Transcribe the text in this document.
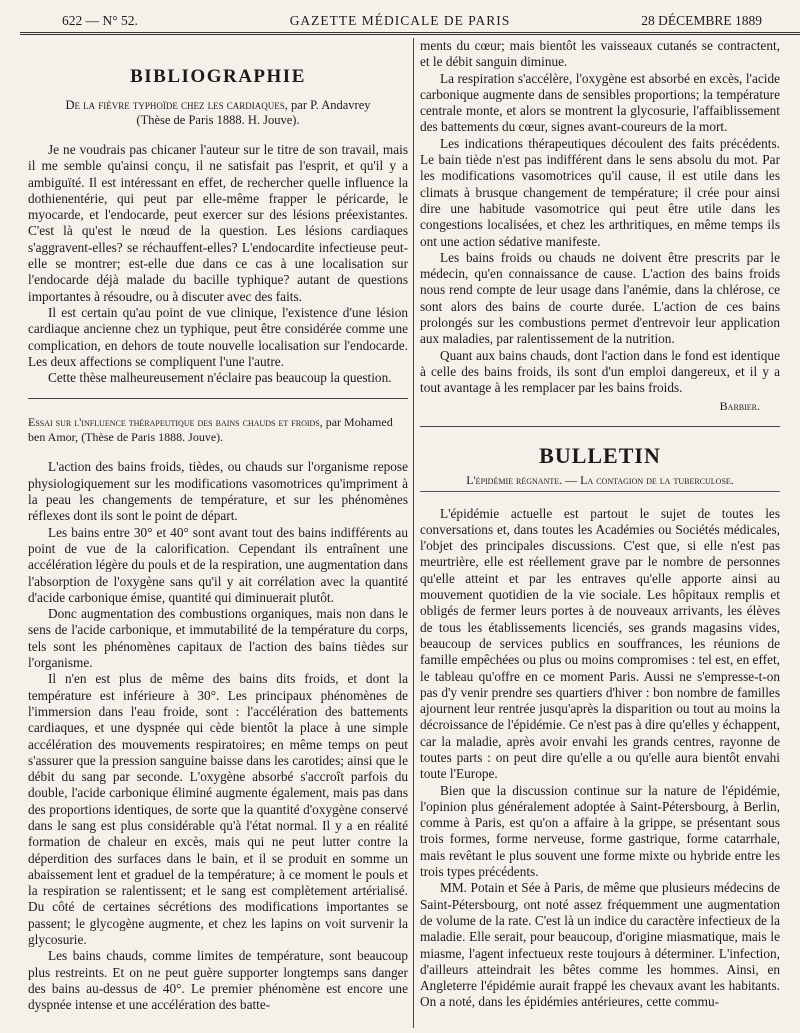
622 — N° 52.	GAZETTE MÉDICALE DE PARIS	28 DÉCEMBRE 1889
BIBLIOGRAPHIE
De la fièvre typhoïde chez les cardiaques, par P. Andavrey
(Thèse de Paris 1888. H. Jouve).

Je ne voudrais pas chicaner l'auteur sur le titre de son travail, mais il me semble qu'ainsi conçu, il ne satisfait pas l'esprit, et qu'il y a ambiguïté. Il est intéressant en effet, de rechercher quelle influence la dothienentérie, qui peut par elle-même frapper le péricarde, le myocarde, et l'endocarde, peut exercer sur des lésions préexistantes. C'est là qu'est le nœud de la question. Les lésions cardiaques s'aggravent-elles? se réchauffent-elles? L'endocardite infectieuse peut-elle se montrer; est-elle due dans ce cas à une localisation sur l'endocarde déjà malade du bacille typhique? autant de questions importantes à résoudre, ou à discuter avec des faits.

Il est certain qu'au point de vue clinique, l'existence d'une lésion cardiaque ancienne chez un typhique, peut être considérée comme une complication, en dehors de toute nouvelle localisation sur l'endocarde. Les deux affections se compliquent l'une l'autre.

Cette thèse malheureusement n'éclaire pas beaucoup la question.

Essai sur l'influence thérapeutique des bains chauds et froids, par Mohamed ben Amor, (Thèse de Paris 1888. Jouve).

L'action des bains froids, tièdes, ou chauds sur l'organisme repose physiologiquement sur les modifications vasomotrices qu'impriment à la peau les changements de température, et sur les phénomènes réflexes dont ils sont le point de départ.

Les bains entre 30° et 40° sont avant tout des bains indifférents au point de vue de la calorification. Cependant ils entraînent une accélération légère du pouls et de la respiration, une augmentation dans l'absorption de l'oxygène sans qu'il y ait corrélation avec la quantité d'acide carbonique émise, quantité qui diminuerait plutôt.

Donc augmentation des combustions organiques, mais non dans le sens de l'acide carbonique, et immutabilité de la température du corps, tels sont les phénomènes capitaux de l'action des bains tièdes sur l'organisme.

Il n'en est plus de même des bains dits froids, et dont la température est inférieure à 30°. Les principaux phénomènes de l'immersion dans l'eau froide, sont : l'accélération des battements cardiaques, et une dyspnée qui cède bientôt la place à une simple accélération des mouvements respiratoires; en même temps on peut s'assurer que la pression sanguine baisse dans les carotides; ainsi que le débit du sang par seconde. L'oxygène absorbé s'accroît parfois du double, l'acide carbonique éliminé augmente également, mais pas dans des proportions identiques, de sorte que la quantité d'oxygène conservé dans le sang est plus considérable qu'à l'état normal. Il y a en réalité formation de chaleur en excès, mais qui ne peut lutter contre la déperdition des surfaces dans le bain, et il se produit en somme un abaissement lent et graduel de la température; à ce moment le pouls et la respiration se ralentissent; et le sang est complètement artérialisé. Du côté de certaines sécrétions des modifications importantes se passent; le glycogène augmente, et chez les lapins on voit survenir la glycosurie.

Les bains chauds, comme limites de température, sont beaucoup plus restreints. Et on ne peut guère supporter longtemps sans danger des bains au-dessus de 40°. Le premier phénomène est encore une dyspnée intense et une accélération des batte-

ments du cœur; mais bientôt les vaisseaux cutanés se contractent, et le débit sanguin diminue.

La respiration s'accélère, l'oxygène est absorbé en excès, l'acide carbonique augmente dans de sensibles proportions; la température centrale monte, et alors se montrent la glycosurie, l'affaiblissement des battements du cœur, signes avant-coureurs de la mort.

Les indications thérapeutiques découlent des faits précédents. Le bain tiède n'est pas indifférent dans le sens absolu du mot. Par les modifications vasomotrices qu'il cause, il est utile dans les climats à brusque changement de température; il crée pour ainsi dire une habitude vasomotrice qui peut être utile dans les congestions localisées, et chez les arthritiques, en même temps ils ont une action sédative manifeste.

Les bains froids ou chauds ne doivent être prescrits par le médecin, qu'en connaissance de cause. L'action des bains froids nous rend compte de leur usage dans l'anémie, dans la chlérose, ce sont alors des bains de courte durée. L'action de ces bains prolongés sur les combustions permet d'entrevoir leur application aux maladies, par ralentissement de la nutrition.

Quant aux bains chauds, dont l'action dans le fond est identique à celle des bains froids, ils sont d'un emploi dangereux, et il y a tout avantage à les remplacer par les bains froids.

Barbier.
BULLETIN
L'épidémie régnante. — La contagion de la tuberculose.

L'épidémie actuelle est partout le sujet de toutes les conversations et, dans toutes les Académies ou Sociétés médicales, l'objet des principales discussions. C'est que, si elle n'est pas meurtrière, elle est réellement grave par le nombre de personnes qu'elle atteint et par les entraves qu'elle apporte ainsi au mouvement quotidien de la vie sociale. Les hôpitaux remplis et obligés de fermer leurs portes à de nouveaux arrivants, les élèves de tous les établissements licenciés, ses grands magasins vides, beaucoup de services publics en souffrances, les réunions de famille empêchées ou plus ou moins compromises : tel est, en effet, le tableau qu'offre en ce moment Paris. Aussi ne s'empresse-t-on pas d'y venir prendre ses quartiers d'hiver : bon nombre de familles ajournent leur rentrée jusqu'après la disparition ou tout au moins la décroissance de l'épidémie. Ce n'est pas à dire qu'elles y échappent, car la maladie, après avoir envahi les grands centres, rayonne de toutes parts : on peut dire qu'elle a ou qu'elle aura bientôt envahi toute l'Europe.

Bien que la discussion continue sur la nature de l'épidémie, l'opinion plus généralement adoptée à Saint-Pétersbourg, à Berlin, comme à Paris, est qu'on a affaire à la grippe, se présentant sous trois formes, forme nerveuse, forme gastrique, forme catarrhale, mais revêtant le plus souvent une forme mixte ou hybride entre les trois types précédents.

MM. Potain et Sée à Paris, de même que plusieurs médecins de Saint-Pétersbourg, ont noté assez fréquemment une augmentation de volume de la rate. C'est là un indice du caractère infectieux de la maladie. Elle serait, pour beaucoup, d'origine miasmatique, mais le miasme, l'agent infectueux reste toujours à déterminer. L'infection, d'ailleurs atteindrait les bêtes comme les hommes. Ainsi, en Angleterre l'épidémie aurait frappé les chevaux avant les habitants. On a noté, dans les épidémies antérieures, cette commu-
